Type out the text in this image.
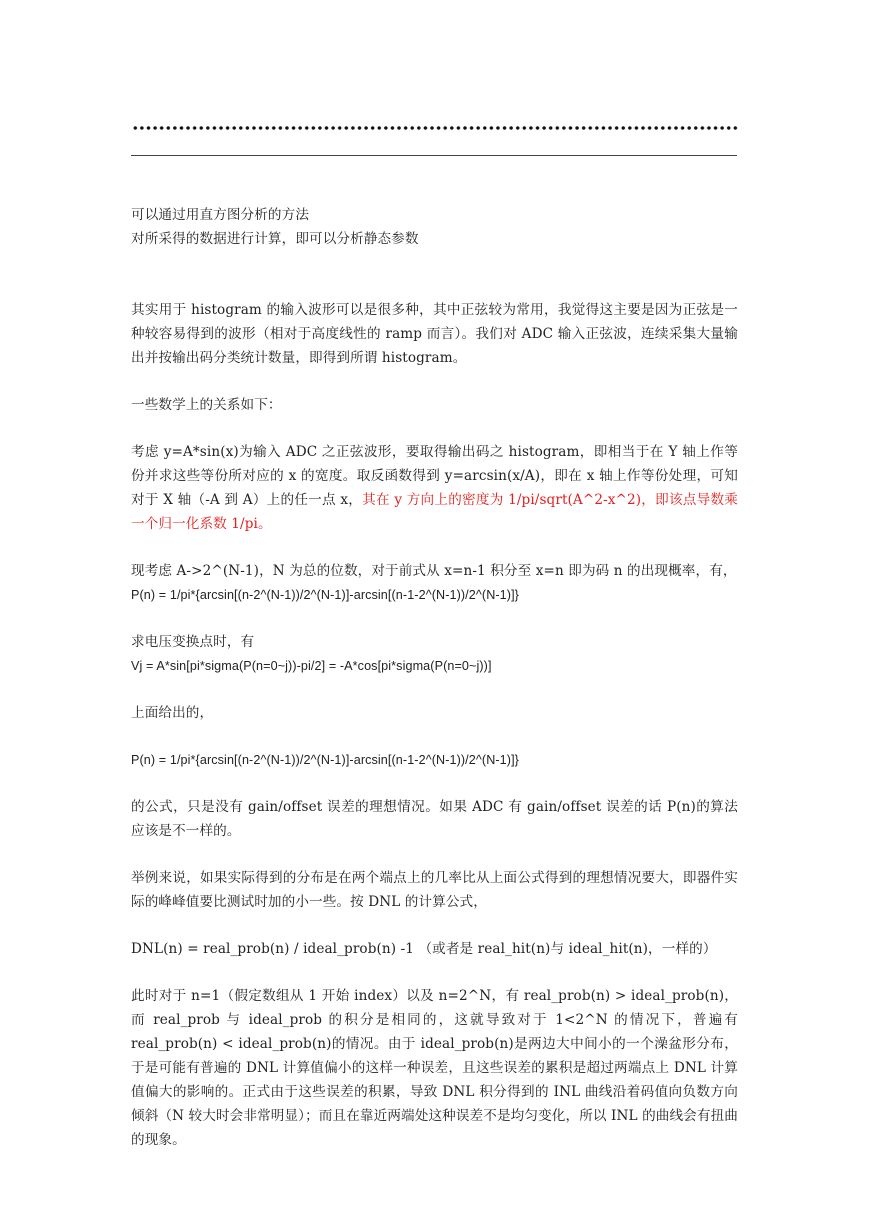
可以通过用直方图分析的方法

对所采得的数据进行计算，即可以分析静态参数

其实用于 histogram 的输入波形可以是很多种，其中正弦较为常用，我觉得这主要是因为正弦是一种较容易得到的波形（相对于高度线性的 ramp 而言）。我们对 ADC 输入正弦波，连续采集大量输出并按输出码分类统计数量，即得到所谓 histogram。

一些数学上的关系如下：

考虑 y=A*sin(x)为输入 ADC 之正弦波形，要取得输出码之 histogram，即相当于在 Y 轴上作等份并求这些等份所对应的 x 的宽度。取反函数得到 y=arcsin(x/A)，即在 x 轴上作等份处理，可知对于 X 轴（-A 到 A）上的任一点 x，其在 y 方向上的密度为 1/pi/sqrt(A^2-x^2)，即该点导数乘一个归一化系数 1/pi。

现考虑 A->2^(N-1)，N 为总的位数，对于前式从 x=n-1 积分至 x=n 即为码 n 的出现概率，有，

P(n) = 1/pi*{arcsin[(n-2^(N-1))/2^(N-1)]-arcsin[(n-1-2^(N-1))/2^(N-1)]}

求电压变换点时，有

Vj = A*sin[pi*sigma(P(n=0~j))-pi/2] = -A*cos[pi*sigma(P(n=0~j))]

上面给出的，

P(n) = 1/pi*{arcsin[(n-2^(N-1))/2^(N-1)]-arcsin[(n-1-2^(N-1))/2^(N-1)]}

的公式，只是没有 gain/offset 误差的理想情况。如果 ADC 有 gain/offset 误差的话 P(n)的算法应该是不一样的。

举例来说，如果实际得到的分布是在两个端点上的几率比从上面公式得到的理想情况要大，即器件实际的峰峰值要比测试时加的小一些。按 DNL 的计算公式，

DNL(n) = real_prob(n) / ideal_prob(n) -1 （或者是 real_hit(n)与 ideal_hit(n)，一样的）

此时对于 n=1（假定数组从 1 开始 index）以及 n=2^N，有 real_prob(n) > ideal_prob(n)，而 real_prob 与 ideal_prob 的积分是相同的，这就导致对于 1<2^N 的情况下，普遍有 real_prob(n) < ideal_prob(n)的情况。由于 ideal_prob(n)是两边大中间小的一个澡盆形分布，于是可能有普遍的 DNL 计算值偏小的这样一种误差，且这些误差的累积是超过两端点上 DNL 计算值偏大的影响的。正式由于这些误差的积累，导致 DNL 积分得到的 INL 曲线沿着码值向负数方向倾斜（N 较大时会非常明显）；而且在靠近两端处这种误差不是均匀变化，所以 INL 的曲线会有扭曲的现象。
